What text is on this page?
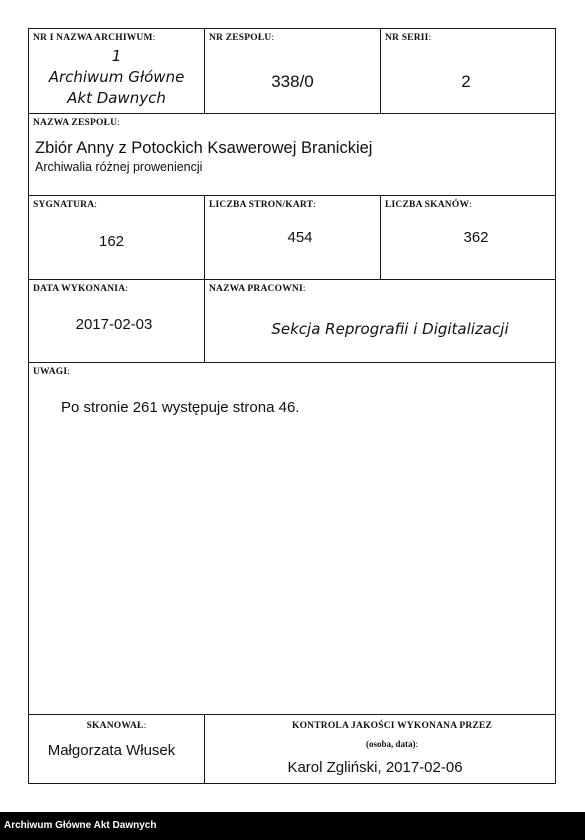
NR I NAZWA ARCHIWUM:
1
Archiwum Główne
Akt Dawnych
NR ZESPOŁU:
338/0
NR SERII:
2
NAZWA ZESPOŁU:
Zbiór Anny z Potockich Ksawerowej Branickiej
Archiwalia różnej proweniencji
SYGNATURA:
162
LICZBA STRON/KART:
454
LICZBA SKANÓW:
362
DATA WYKONANIA:
2017-02-03
NAZWA PRACOWNI:
Sekcja Reprografii i Digitalizacji
UWAGI:
Po stronie 261 występuje strona 46.
SKANOWAŁ:
Małgorzata Włusek
KONTROLA JAKOŚCI WYKONANA PRZEZ
(osoba, data):
Karol Zgliński, 2017-02-06
Archiwum Główne Akt Dawnych
